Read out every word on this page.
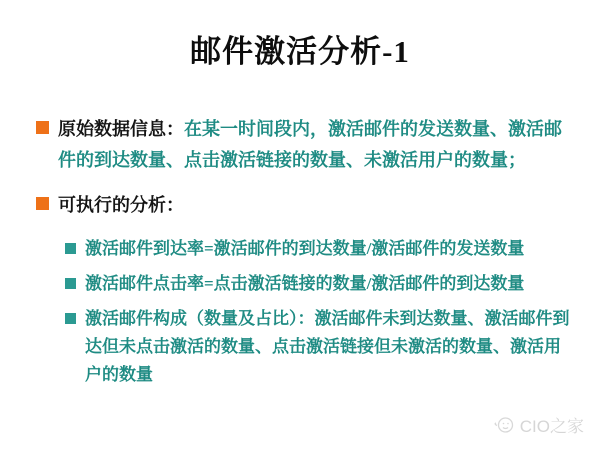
邮件激活分析-1
原始数据信息：在某一时间段内，激活邮件的发送数量、激活邮件的到达数量、点击激活链接的数量、未激活用户的数量；
可执行的分析：
激活邮件到达率=激活邮件的到达数量/激活邮件的发送数量
激活邮件点击率=点击激活链接的数量/激活邮件的到达数量
激活邮件构成（数量及占比）：激活邮件未到达数量、激活邮件到达但未点击激活的数量、点击激活链接但未激活的数量、激活用户的数量
CIO之家
